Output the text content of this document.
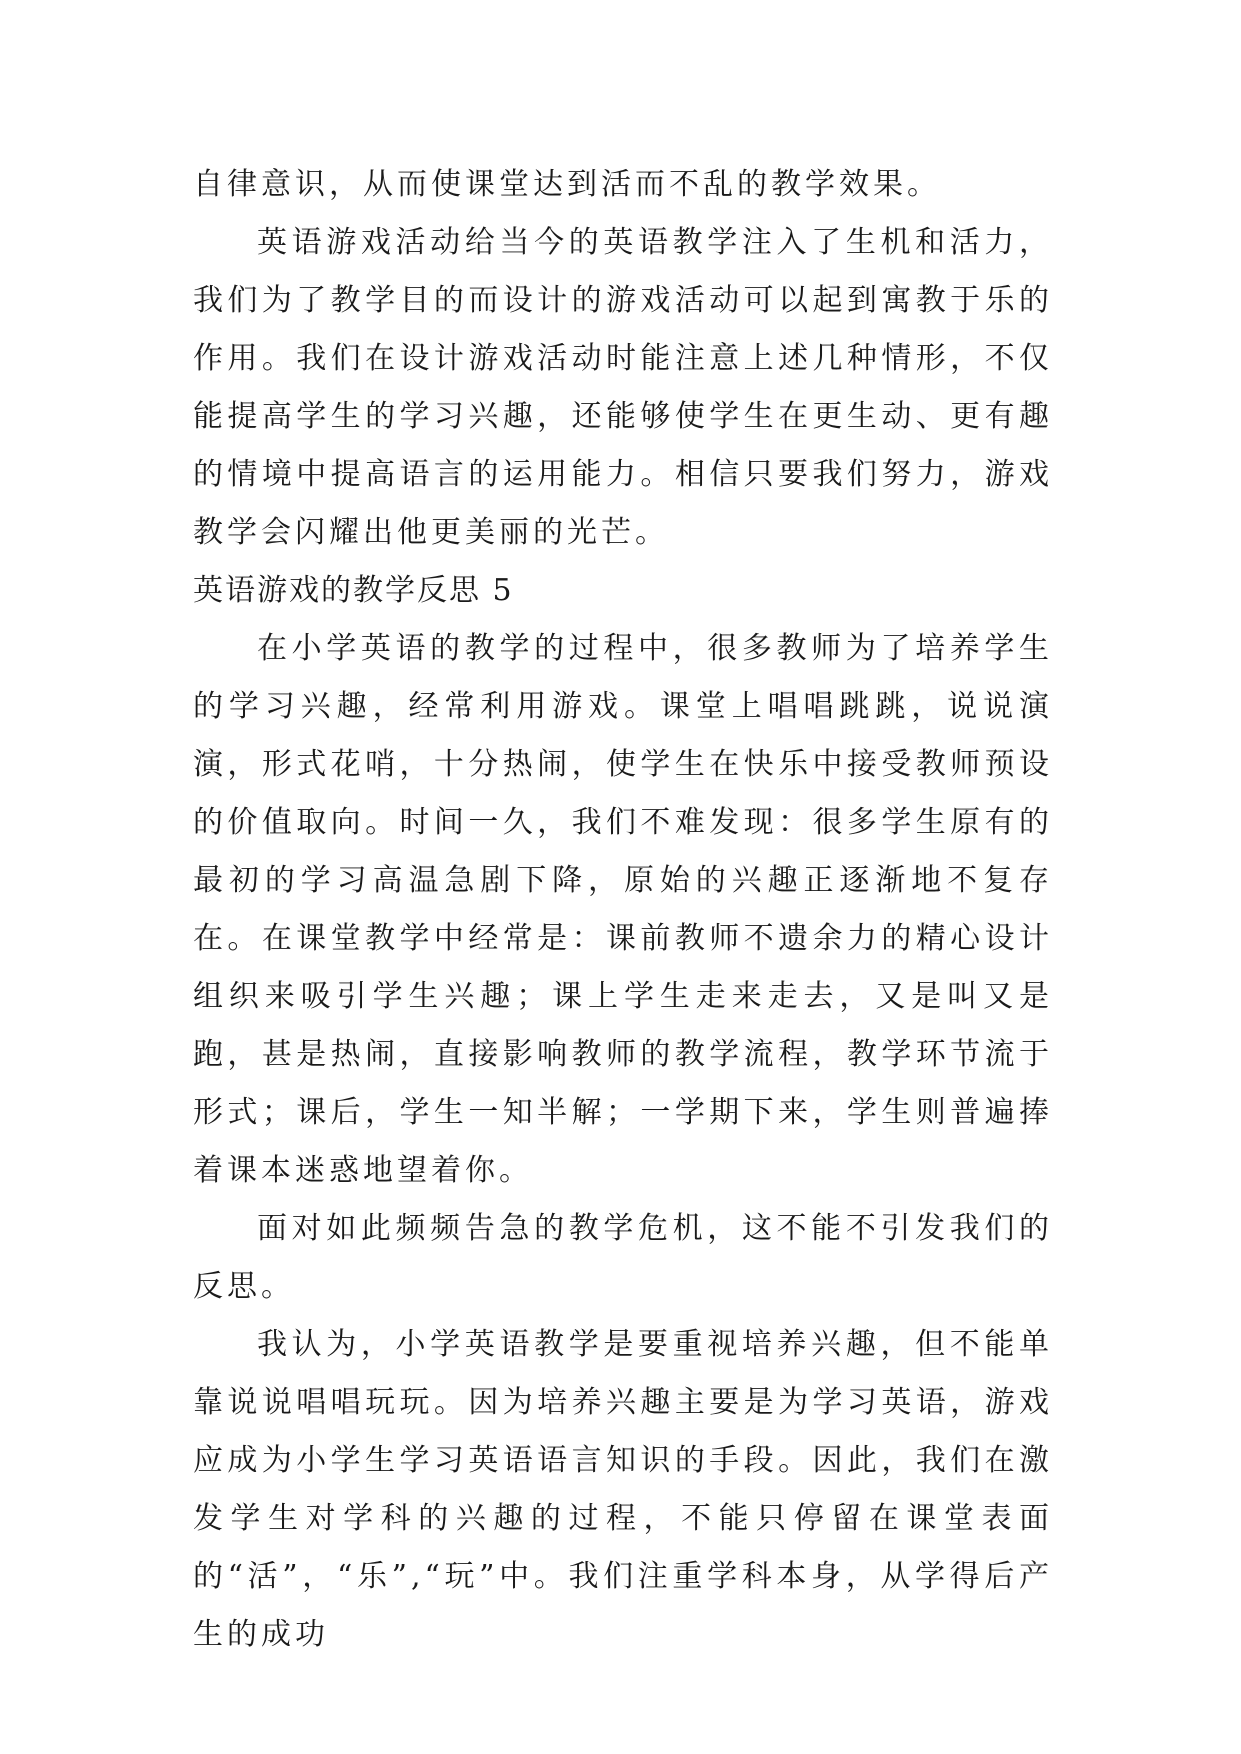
自律意识，从而使课堂达到活而不乱的教学效果。

英语游戏活动给当今的英语教学注入了生机和活力，我们为了教学目的而设计的游戏活动可以起到寓教于乐的作用。我们在设计游戏活动时能注意上述几种情形，不仅能提高学生的学习兴趣，还能够使学生在更生动、更有趣的情境中提高语言的运用能力。相信只要我们努力，游戏教学会闪耀出他更美丽的光芒。

英语游戏的教学反思 5

在小学英语的教学的过程中，很多教师为了培养学生的学习兴趣，经常利用游戏。课堂上唱唱跳跳，说说演演，形式花哨，十分热闹，使学生在快乐中接受教师预设的价值取向。时间一久，我们不难发现：很多学生原有的最初的学习高温急剧下降，原始的兴趣正逐渐地不复存在。在课堂教学中经常是：课前教师不遗余力的精心设计组织来吸引学生兴趣；课上学生走来走去，又是叫又是跑，甚是热闹，直接影响教师的教学流程，教学环节流于形式；课后，学生一知半解；一学期下来，学生则普遍捧着课本迷惑地望着你。

面对如此频频告急的教学危机，这不能不引发我们的反思。

我认为，小学英语教学是要重视培养兴趣，但不能单靠说说唱唱玩玩。因为培养兴趣主要是为学习英语，游戏应成为小学生学习英语语言知识的手段。因此，我们在激发学生对学科的兴趣的过程，不能只停留在课堂表面的“活”，“乐”,“玩”中。我们注重学科本身，从学得后产生的成功
